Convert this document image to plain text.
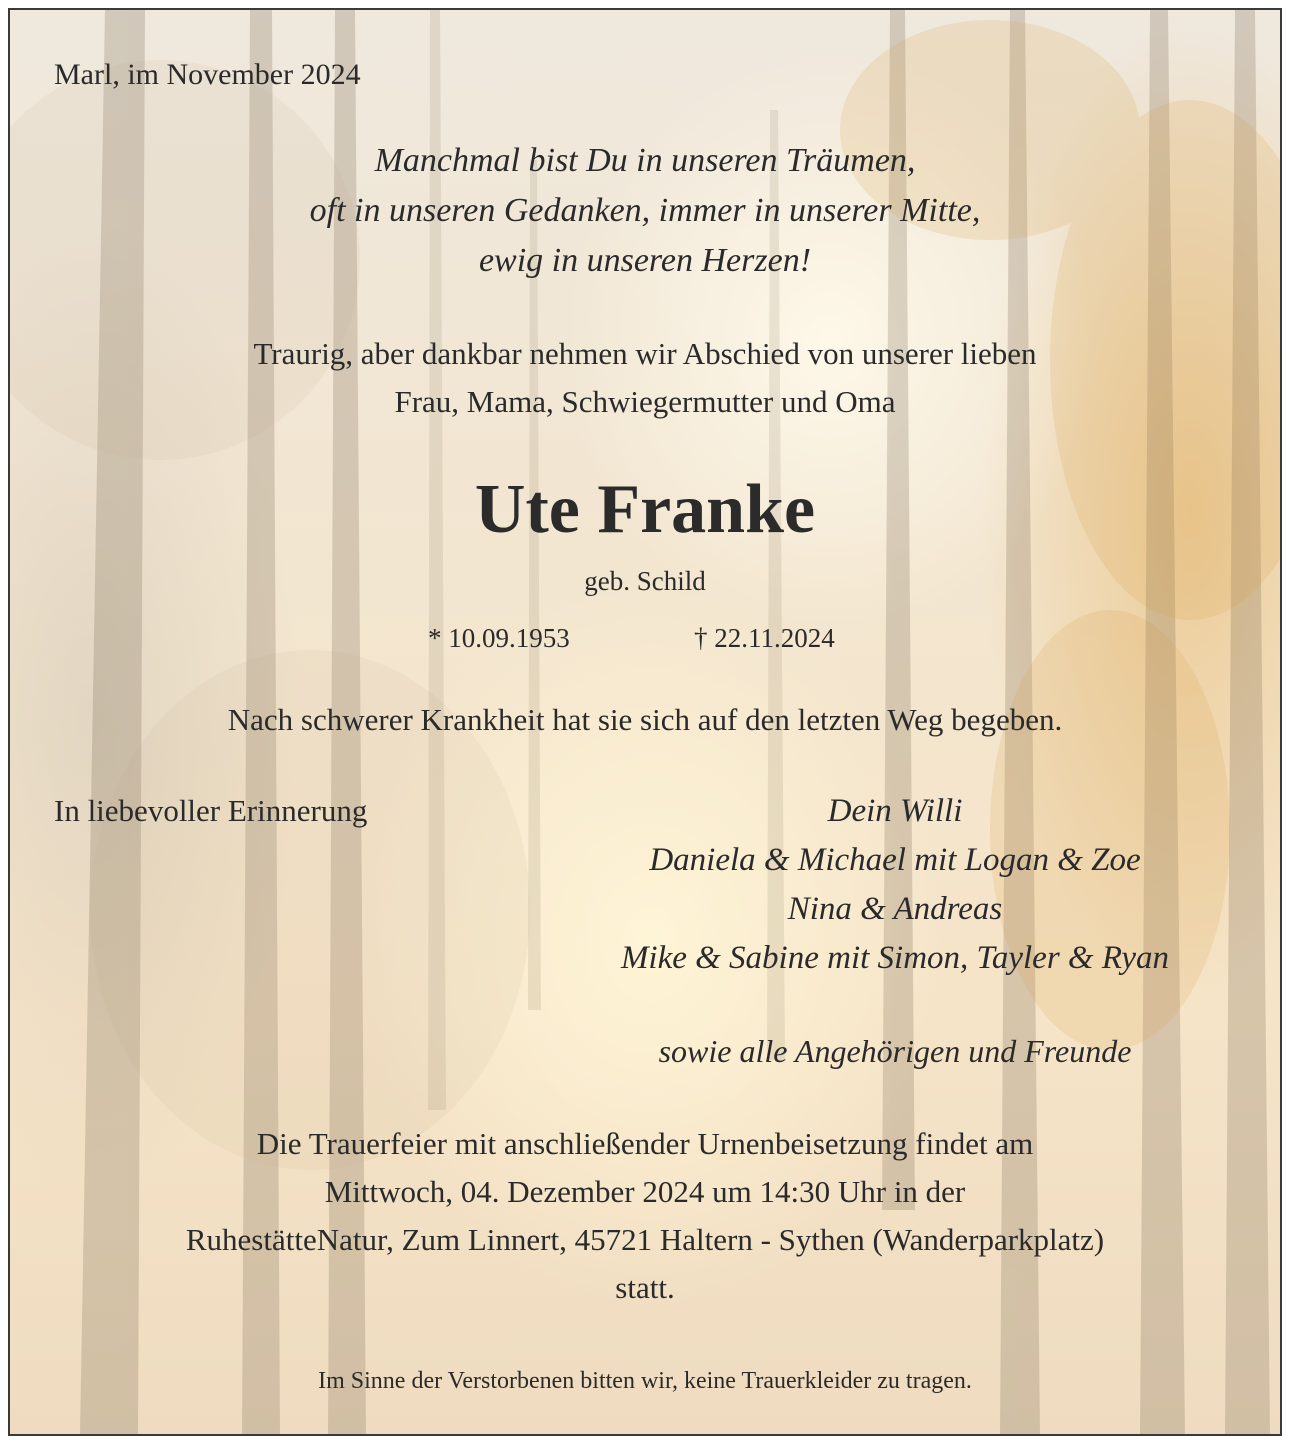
Marl, im November 2024
Manchmal bist Du in unseren Träumen,
oft in unseren Gedanken, immer in unserer Mitte,
ewig in unseren Herzen!
Traurig, aber dankbar nehmen wir Abschied von unserer lieben
Frau, Mama, Schwiegermutter und Oma
Ute Franke
geb. Schild
* 10.09.1953	† 22.11.2024
Nach schwerer Krankheit hat sie sich auf den letzten Weg begeben.
In liebevoller Erinnerung	Dein Willi
Daniela & Michael mit Logan & Zoe
Nina & Andreas
Mike & Sabine mit Simon, Tayler & Ryan
sowie alle Angehörigen und Freunde
Die Trauerfeier mit anschließender Urnenbeisetzung findet am
Mittwoch, 04. Dezember 2024 um 14:30 Uhr in der
RuhestätteNatur, Zum Linnert, 45721 Haltern - Sythen (Wanderparkplatz)
statt.
Im Sinne der Verstorbenen bitten wir, keine Trauerkleider zu tragen.
